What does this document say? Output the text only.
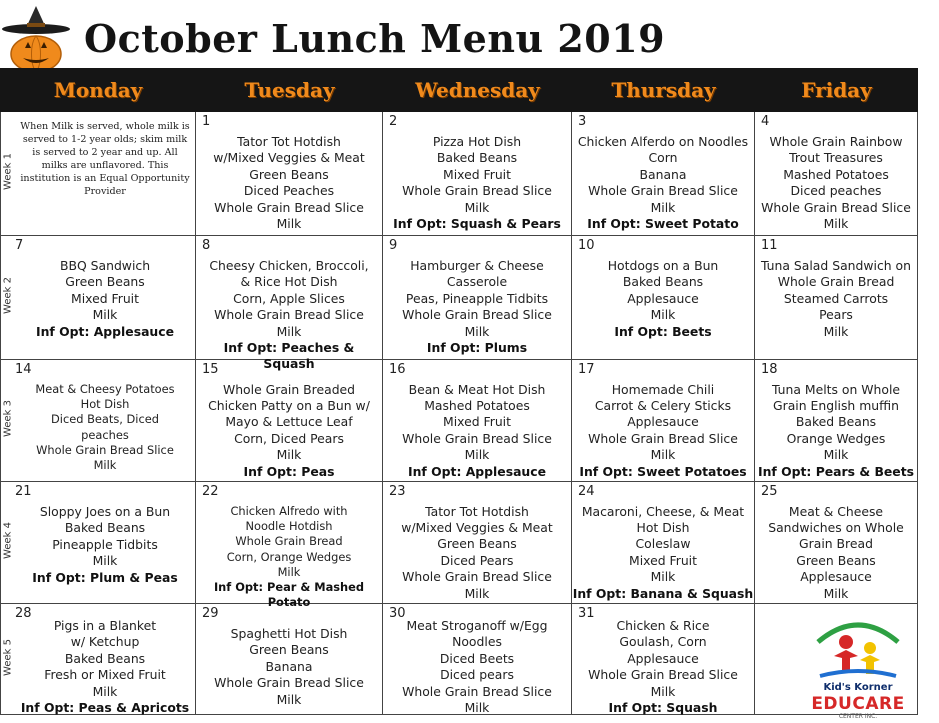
October Lunch Menu 2019
Monday	Tuesday	Wednesday	Thursday	Friday
Week 1
When Milk is served, whole milk is served to 1-2 year olds; skim milk is served to 2 year and up. All milks are unflavored. This institution is an Equal Opportunity Provider
1
Tator Tot Hotdish
w/Mixed Veggies & Meat
Green Beans
Diced Peaches
Whole Grain Bread Slice
Milk
2
Pizza Hot Dish
Baked Beans
Mixed Fruit
Whole Grain Bread Slice
Milk
Inf Opt: Squash & Pears
3
Chicken Alferdo on Noodles
Corn
Banana
Whole Grain Bread Slice
Milk
Inf Opt: Sweet Potato
4
Whole Grain Rainbow
Trout Treasures
Mashed Potatoes
Diced peaches
Whole Grain Bread Slice
Milk
Week 2
7
BBQ Sandwich
Green Beans
Mixed Fruit
Milk
Inf Opt: Applesauce
8
Cheesy Chicken, Broccoli,
& Rice Hot Dish
Corn, Apple Slices
Whole Grain Bread Slice
Milk
Inf Opt: Peaches & Squash
9
Hamburger & Cheese
Casserole
Peas, Pineapple Tidbits
Whole Grain Bread Slice
Milk
Inf Opt: Plums
10
Hotdogs on a Bun
Baked Beans
Applesauce
Milk
Inf Opt: Beets
11
Tuna Salad Sandwich on
Whole Grain Bread
Steamed Carrots
Pears
Milk
Week 3
14
Meat & Cheesy Potatoes
Hot Dish
Diced Beats, Diced
peaches
Whole Grain Bread Slice
Milk
15
Whole Grain Breaded
Chicken Patty on a Bun w/
Mayo & Lettuce Leaf
Corn, Diced Pears
Milk
Inf Opt: Peas
16
Bean & Meat Hot Dish
Mashed Potatoes
Mixed Fruit
Whole Grain Bread Slice
Milk
Inf Opt: Applesauce
17
Homemade Chili
Carrot & Celery Sticks
Applesauce
Whole Grain Bread Slice
Milk
Inf Opt: Sweet Potatoes
18
Tuna Melts on Whole
Grain English muffin
Baked Beans
Orange Wedges
Milk
Inf Opt: Pears & Beets
Week 4
21
Sloppy Joes on a Bun
Baked Beans
Pineapple Tidbits
Milk
Inf Opt: Plum & Peas
22
Chicken Alfredo with
Noodle Hotdish
Whole Grain Bread
Corn, Orange Wedges
Milk
Inf Opt: Pear & Mashed Potato
23
Tator Tot Hotdish
w/Mixed Veggies & Meat
Green Beans
Diced Pears
Whole Grain Bread Slice
Milk
24
Macaroni, Cheese, & Meat
Hot Dish
Coleslaw
Mixed Fruit
Milk
Inf Opt: Banana & Squash
25
Meat & Cheese
Sandwiches on Whole
Grain Bread
Green Beans
Applesauce
Milk
Week 5
28
Pigs in a Blanket
w/ Ketchup
Baked Beans
Fresh or Mixed Fruit
Milk
Inf Opt: Peas & Apricots
29
Spaghetti Hot Dish
Green Beans
Banana
Whole Grain Bread Slice
Milk
30
Meat Stroganoff w/Egg
Noodles
Diced Beets
Diced pears
Whole Grain Bread Slice
Milk
31
Chicken & Rice
Goulash, Corn
Applesauce
Whole Grain Bread Slice
Milk
Inf Opt: Squash
Kid's Korner
EDUCARE
CENTER INC.
